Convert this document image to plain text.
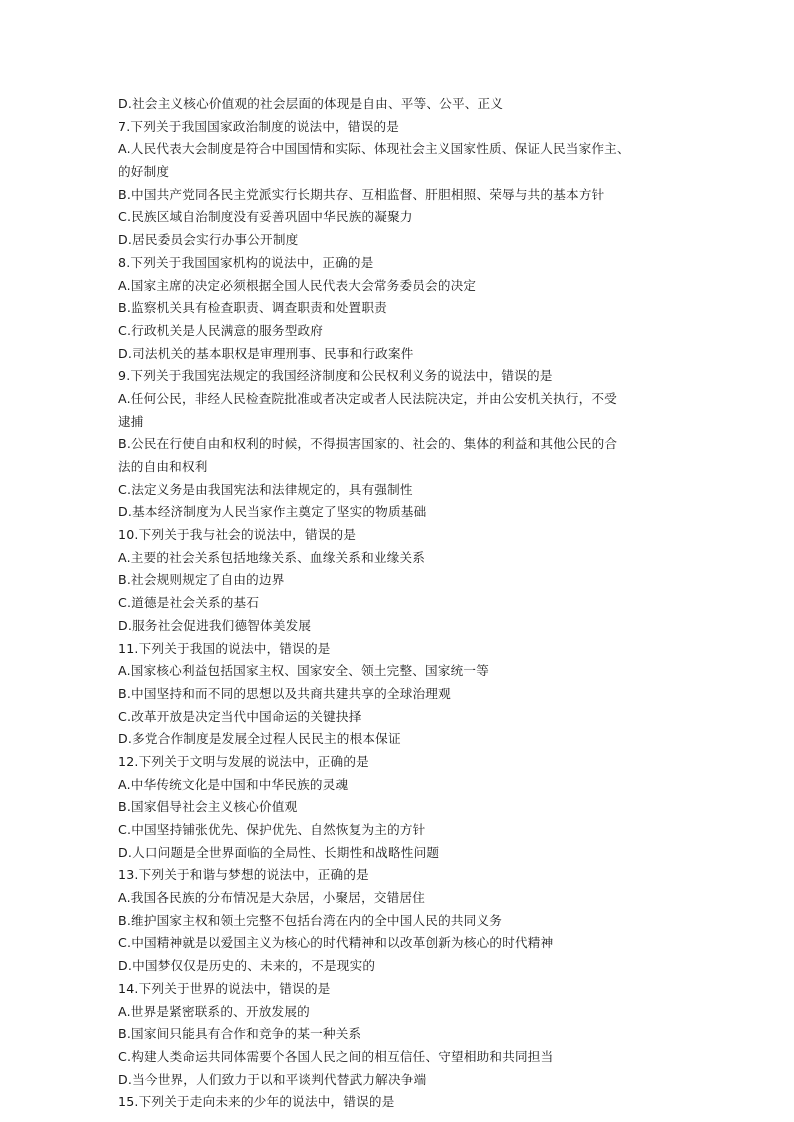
D.社会主义核心价值观的社会层面的体现是自由、平等、公平、正义
7.下列关于我国国家政治制度的说法中，错误的是
A.人民代表大会制度是符合中国国情和实际、体现社会主义国家性质、保证人民当家作主、
的好制度
B.中国共产党同各民主党派实行长期共存、互相监督、肝胆相照、荣辱与共的基本方针
C.民族区域自治制度没有妥善巩固中华民族的凝聚力
D.居民委员会实行办事公开制度
8.下列关于我国国家机构的说法中，正确的是
A.国家主席的决定必须根据全国人民代表大会常务委员会的决定
B.监察机关具有检查职责、调查职责和处置职责
C.行政机关是人民满意的服务型政府
D.司法机关的基本职权是审理刑事、民事和行政案件
9.下列关于我国宪法规定的我国经济制度和公民权利义务的说法中，错误的是
A.任何公民，非经人民检查院批准或者决定或者人民法院决定，并由公安机关执行，不受
逮捕
B.公民在行使自由和权利的时候，不得损害国家的、社会的、集体的利益和其他公民的合
法的自由和权利
C.法定义务是由我国宪法和法律规定的，具有强制性
D.基本经济制度为人民当家作主奠定了坚实的物质基础
10.下列关于我与社会的说法中，错误的是
A.主要的社会关系包括地缘关系、血缘关系和业缘关系
B.社会规则规定了自由的边界
C.道德是社会关系的基石
D.服务社会促进我们德智体美发展
11.下列关于我国的说法中，错误的是
A.国家核心利益包括国家主权、国家安全、领土完整、国家统一等
B.中国坚持和而不同的思想以及共商共建共享的全球治理观
C.改革开放是决定当代中国命运的关键抉择
D.多党合作制度是发展全过程人民民主的根本保证
12.下列关于文明与发展的说法中，正确的是
A.中华传统文化是中国和中华民族的灵魂
B.国家倡导社会主义核心价值观
C.中国坚持铺张优先、保护优先、自然恢复为主的方针
D.人口问题是全世界面临的全局性、长期性和战略性问题
13.下列关于和谐与梦想的说法中，正确的是
A.我国各民族的分布情况是大杂居，小聚居，交错居住
B.维护国家主权和领土完整不包括台湾在内的全中国人民的共同义务
C.中国精神就是以爱国主义为核心的时代精神和以改革创新为核心的时代精神
D.中国梦仅仅是历史的、未来的，不是现实的
14.下列关于世界的说法中，错误的是
A.世界是紧密联系的、开放发展的
B.国家间只能具有合作和竞争的某一种关系
C.构建人类命运共同体需要个各国人民之间的相互信任、守望相助和共同担当
D.当今世界，人们致力于以和平谈判代替武力解决争端
15.下列关于走向未来的少年的说法中，错误的是
